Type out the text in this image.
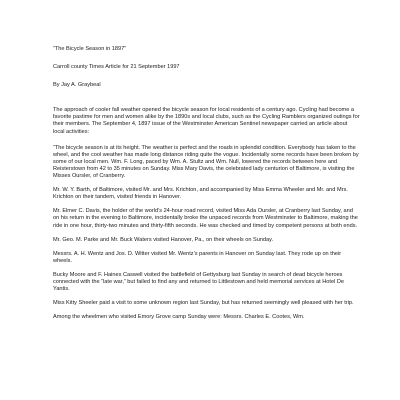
“The Bicycle Season in 1897”

Carroll county Times Article for 21 September 1997

By Jay A. Graybeal

The approach of cooler fall weather opened the bicycle season for local residents of a century ago. Cycling had become a favorite pastime for men and women alike by the 1890s and local clubs, such as the Cycling Ramblers organized outings for their members. The September 4, 1897 issue of the Westminster American Sentinel newspaper carried an article about local activities:

“The bicycle season is at its height. The weather is perfect and the roads in splendid condition. Everybody has taken to the wheel, and the cool weather has made long distance riding quite the vogue. Incidentally some records have been broken by some of our local men. Wm. F. Long, paced by Wm. A. Stultz and Wm. Null, lowered the records between here and Reisterstown from 42 to 35 minutes on Sunday. Miss Mary Davis, the celebrated lady centurion of Baltimore, is visiting the Misses Oursler, of Cranberry.

Mr. W. Y. Barth, of Baltimore, visited Mr. and Mrs. Krichton, and accompanied by Miss Emma Wheeler and Mr. and Mrs. Krichton on their tandem, visited friends in Hanover.

Mr. Elmer C. Davis, the holder of the world’s 24-hour road record, visited Miss Ada Oursler, at Cranberry last Sunday, and on his return in the evening to Baltimore, incidentally broke the unpaced records from Westminster to Baltimore, making the ride in one hour, thirty-two minutes and thirty-fifth seconds. He was checked and timed by competent persons at both ends.

Mr. Geo. M. Parke and Mr. Buck Waters visited Hanover, Pa., on their wheels on Sunday.

Messrs. A. H. Wentz and Jos. D. Witter visited Mr. Wentz’s parents in Hanover on Sunday last. They rode up on their wheels.

Bucky Moore and F. Haines Caswell visited the battlefield of Gettysburg last Sunday in search of dead bicycle heroes connected with the “late war,” but failed to find any and returned to Littlestown and held memorial services at Hotel De Yantis.

Miss Kitty Sheeler paid a visit to some unknown region last Sunday, but has returned seemingly well pleased with her trip.

Among the wheelmen who visited Emory Grove camp Sunday were: Messrs. Charles E. Cootes, Wm.
